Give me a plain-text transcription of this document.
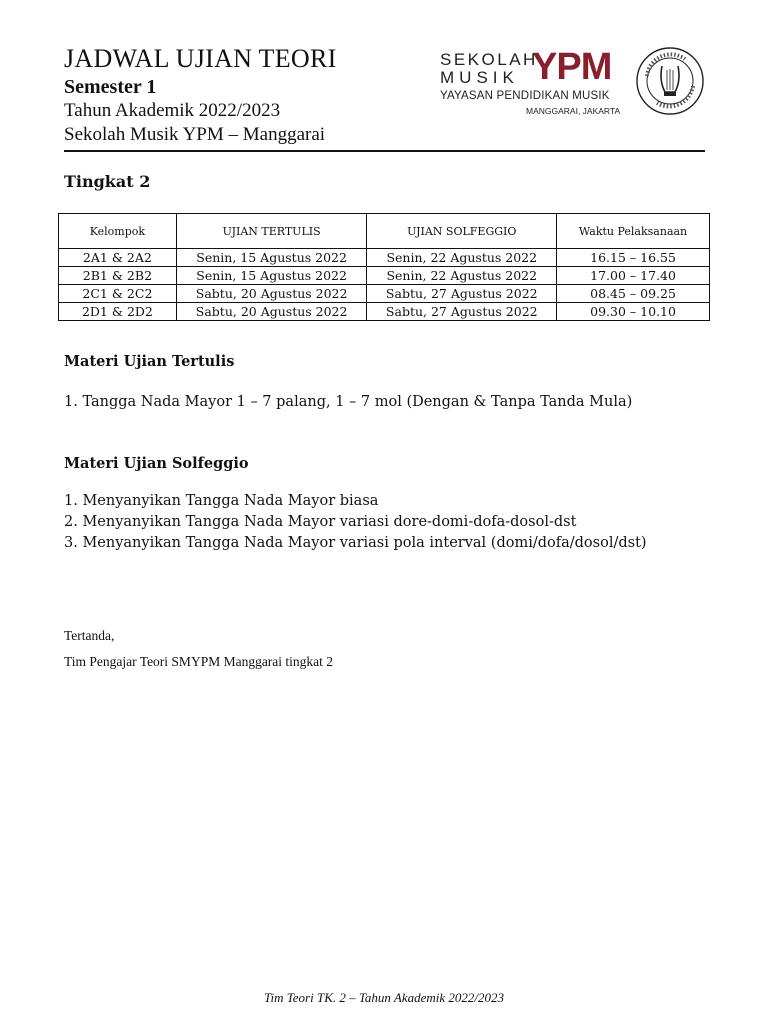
JADWAL UJIAN TEORI
Semester 1
Tahun Akademik 2022/2023
Sekolah Musik YPM – Manggarai
SEKOLAH
MUSIK YPM
YAYASAN PENDIDIKAN MUSIK
MANGGARAI, JAKARTA
Tingkat 2
Kelompok	UJIAN TERTULIS	UJIAN SOLFEGGIO	Waktu Pelaksanaan
2A1 & 2A2	Senin, 15 Agustus 2022	Senin, 22 Agustus 2022	16.15 – 16.55
2B1 & 2B2	Senin, 15 Agustus 2022	Senin, 22 Agustus 2022	17.00 – 17.40
2C1 & 2C2	Sabtu, 20 Agustus 2022	Sabtu, 27 Agustus 2022	08.45 – 09.25
2D1 & 2D2	Sabtu, 20 Agustus 2022	Sabtu, 27 Agustus 2022	09.30 – 10.10
Materi Ujian Tertulis
1. Tangga Nada Mayor 1 – 7 palang, 1 – 7 mol (Dengan & Tanpa Tanda Mula)
Materi Ujian Solfeggio
1. Menyanyikan Tangga Nada Mayor biasa
2. Menyanyikan Tangga Nada Mayor variasi dore-domi-dofa-dosol-dst
3. Menyanyikan Tangga Nada Mayor variasi pola interval (domi/dofa/dosol/dst)
Tertanda,
Tim Pengajar Teori SMYPM Manggarai tingkat 2
Tim Teori TK. 2 – Tahun Akademik 2022/2023
